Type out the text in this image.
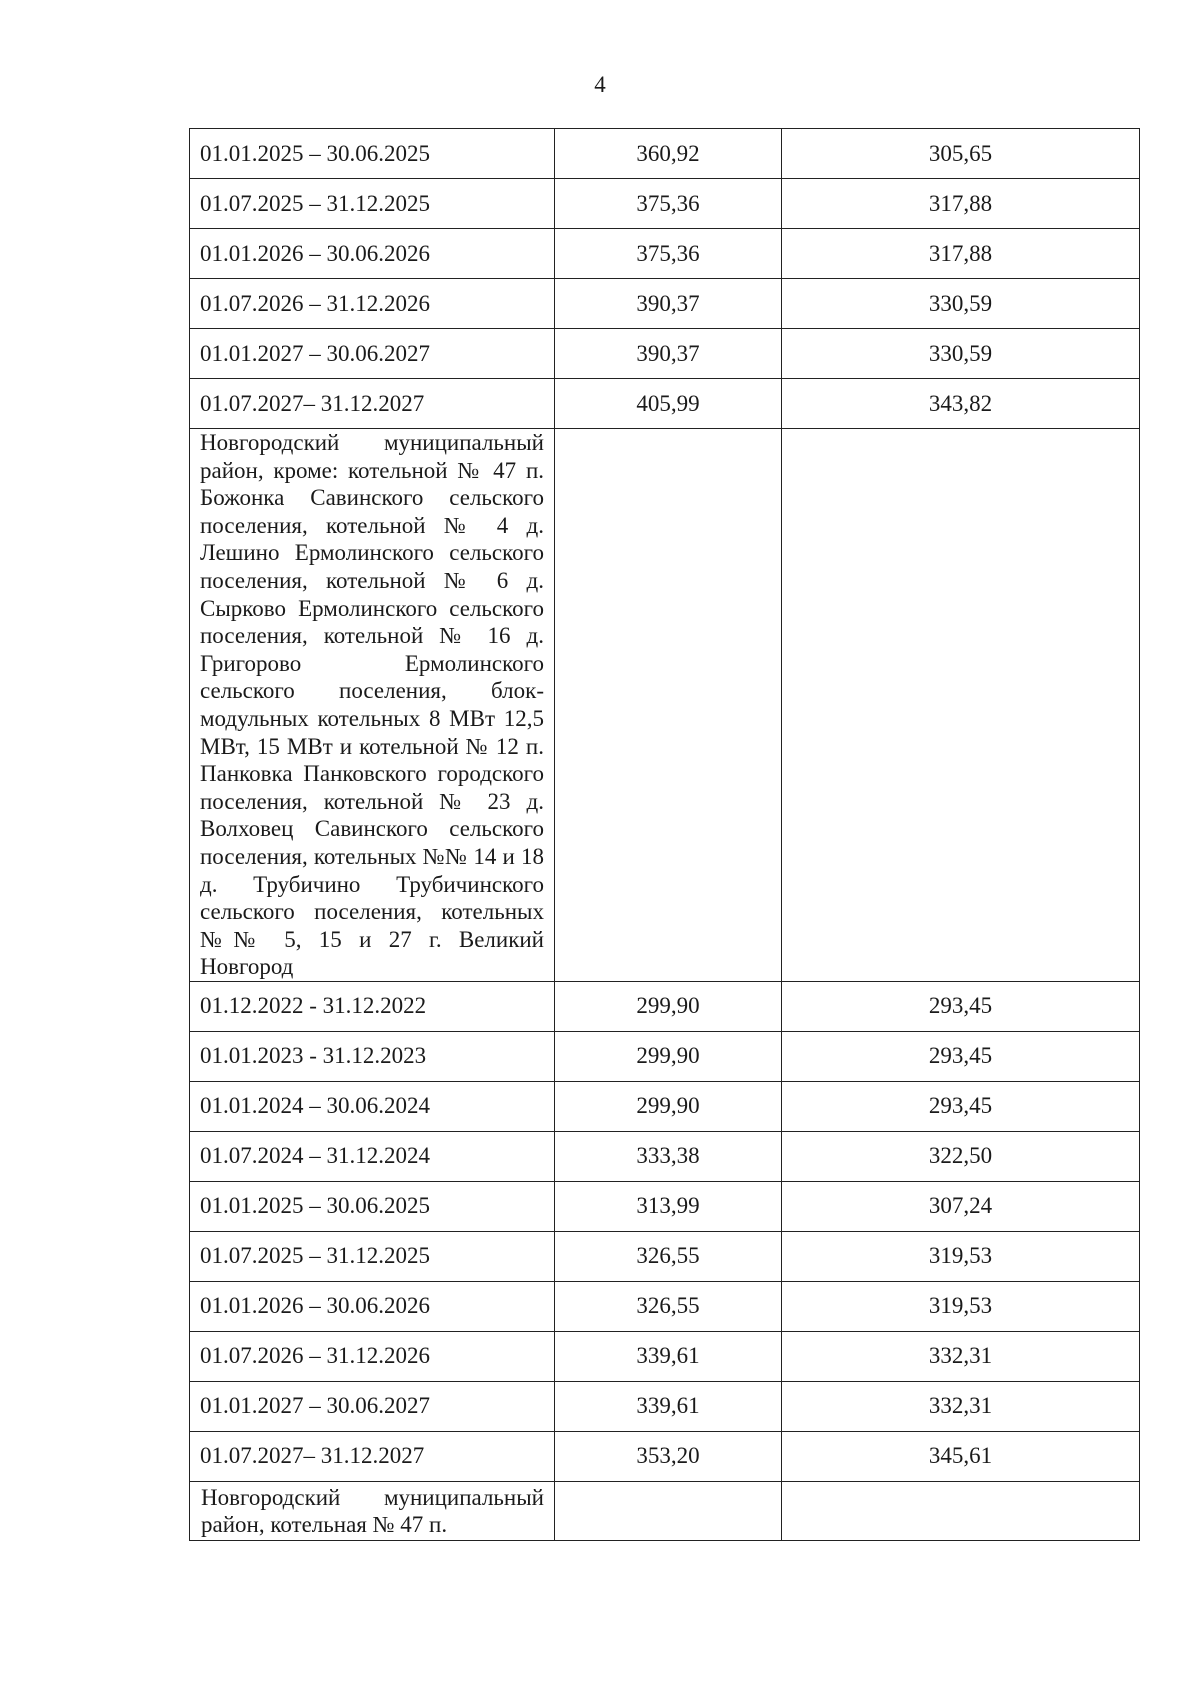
4
01.01.2025 – 30.06.2025	360,92	305,65
01.07.2025 – 31.12.2025	375,36	317,88
01.01.2026 – 30.06.2026	375,36	317,88
01.07.2026 – 31.12.2026	390,37	330,59
01.01.2027 – 30.06.2027	390,37	330,59
01.07.2027– 31.12.2027	405,99	343,82
Новгородский муниципальный район, кроме: котельной № 47 п. Божонка Савинского сельского поселения, котельной № 4 д. Лешино Ермолинского сельского поселения, котельной № 6 д. Сырково Ермолинского сельского поселения, котельной № 16 д. Григорово Ермолинского сельского поселения, блок-модульных котельных 8 МВт 12,5 МВт, 15 МВт и котельной № 12 п. Панковка Панковского городского поселения, котельной № 23 д. Волховец Савинского сельского поселения, котельных №№ 14 и 18 д. Трубичино Трубичинского сельского поселения, котельных №№ 5, 15 и 27 г. Великий Новгород		
01.12.2022 - 31.12.2022	299,90	293,45
01.01.2023 - 31.12.2023	299,90	293,45
01.01.2024 – 30.06.2024	299,90	293,45
01.07.2024 – 31.12.2024	333,38	322,50
01.01.2025 – 30.06.2025	313,99	307,24
01.07.2025 – 31.12.2025	326,55	319,53
01.01.2026 – 30.06.2026	326,55	319,53
01.07.2026 – 31.12.2026	339,61	332,31
01.01.2027 – 30.06.2027	339,61	332,31
01.07.2027– 31.12.2027	353,20	345,61

Новгородский муниципальный район, котельная № 47 п.		
